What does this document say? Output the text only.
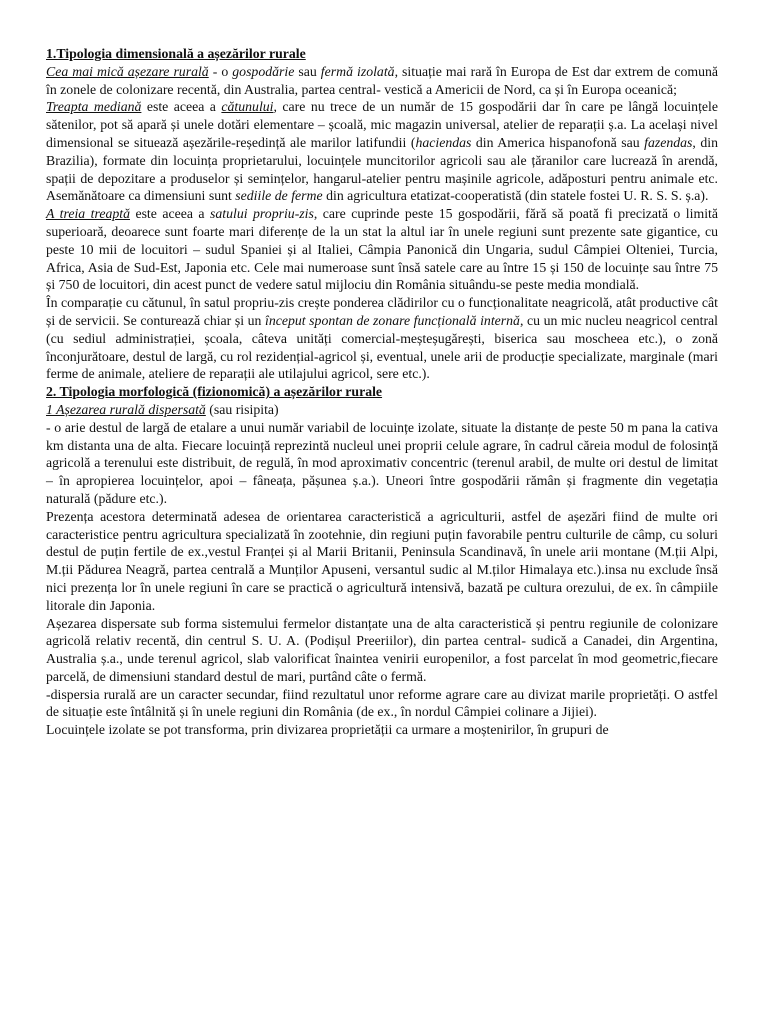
1.Tipologia dimensională a așezărilor rurale

Cea mai mică așezare rurală - o gospodărie sau fermă izolată, situație mai rară în Europa de Est dar extrem de comună în zonele de colonizare recentă, din Australia, partea central- vestică a Americii de Nord, ca și în Europa oceanică;

Treapta mediană este aceea a cătunului, care nu trece de un număr de 15 gospodării dar în care pe lângă locuințele sătenilor, pot să apară și unele dotări elementare – școală, mic magazin universal, atelier de reparații ș.a. La același nivel dimensional se situează așezările-reședință ale marilor latifundii (haciendas din America hispanofonă sau fazendas, din Brazilia), formate din locuința proprietarului, locuințele muncitorilor agricoli sau ale țăranilor care lucrează în arendă, spații de depozitare a produselor și semințelor, hangarul-atelier pentru mașinile agricole, adăposturi pentru animale etc. Asemănătoare ca dimensiuni sunt sediile de ferme din agricultura etatizat-cooperatistă (din statele fostei U. R. S. S. ș.a).

A treia treaptă este aceea a satului propriu-zis, care cuprinde peste 15 gospodării, fără să poată fi precizată o limită superioară, deoarece sunt foarte mari diferențe de la un stat la altul iar în unele regiuni sunt prezente sate gigantice, cu peste 10 mii de locuitori – sudul Spaniei și al Italiei, Câmpia Panonică din Ungaria, sudul Câmpiei Olteniei, Turcia, Africa, Asia de Sud-Est, Japonia etc. Cele mai numeroase sunt însă satele care au între 15 și 150 de locuințe sau între 75 și 750 de locuitori, din acest punct de vedere satul mijlociu din România situându-se peste media mondială.

În comparație cu cătunul, în satul propriu-zis crește ponderea clădirilor cu o funcționalitate neagricolă, atât productive cât și de servicii. Se contureazǎ chiar și un început spontan de zonare funcțională internă, cu un mic nucleu neagricol central (cu sediul administrației, școala, câteva unități comercial-meșteșugărești, biserica sau moscheea etc.), o zonă înconjurătoare, destul de largă, cu rol rezidențial-agricol și, eventual, unele arii de producție specializate, marginale (mari ferme de animale, ateliere de reparații ale utilajului agricol, sere etc.).

2. Tipologia morfologică (fizionomică) a așezărilor rurale

1 Așezarea rurală dispersată (sau risipita)

- o arie destul de largă de etalare a unui număr variabil de locuințe izolate, situate la distanțe de peste 50 m pana la cativa km distanta una de alta. Fiecare locuință reprezintă nucleul unei proprii celule agrare, în cadrul căreia modul de folosință agricolă a terenului este distribuit, de regulă, în mod aproximativ concentric (terenul arabil, de multe ori destul de limitat – în apropierea locuințelor, apoi – fâneața, pășunea ș.a.). Uneori între gospodării rămân și fragmente din vegetația naturală (pădure etc.).

Prezența acestora determinată adesea de orientarea caracteristică a agriculturii, astfel de așezări fiind de multe ori caracteristice pentru agricultura specializată în zootehnie, din regiuni puțin favorabile pentru culturile de câmp, cu soluri destul de puțin fertile de ex.,vestul Franței și al Marii Britanii, Peninsula Scandinavă, în unele arii montane (M.ții Alpi, M.ții Pădurea Neagră, partea centrală a Munților Apuseni, versantul sudic al M.ților Himalaya etc.).insa nu exclude însă nici prezența lor în unele regiuni în care se practică o agricultură intensivă, bazată pe cultura orezului, de ex. în câmpiile litorale din Japonia.

Așezarea dispersate sub forma sistemului fermelor distanțate una de alta caracteristică și pentru regiunile de colonizare agricolă relativ recentă, din centrul S. U. A. (Podișul Preeriilor), din partea central- sudică a Canadei, din Argentina, Australia ș.a., unde terenul agricol, slab valorificat înaintea venirii europenilor, a fost parcelat în mod geometric,fiecare parcelă, de dimensiuni standard destul de mari, purtând câte o fermă.

-dispersia rurală are un caracter secundar, fiind rezultatul unor reforme agrare care au divizat marile proprietăți. O astfel de situație este întâlnită și în unele regiuni din România (de ex., în nordul Câmpiei colinare a Jijiei).

Locuințele izolate se pot transforma, prin divizarea proprietății ca urmare a moștenirilor, în grupuri de
